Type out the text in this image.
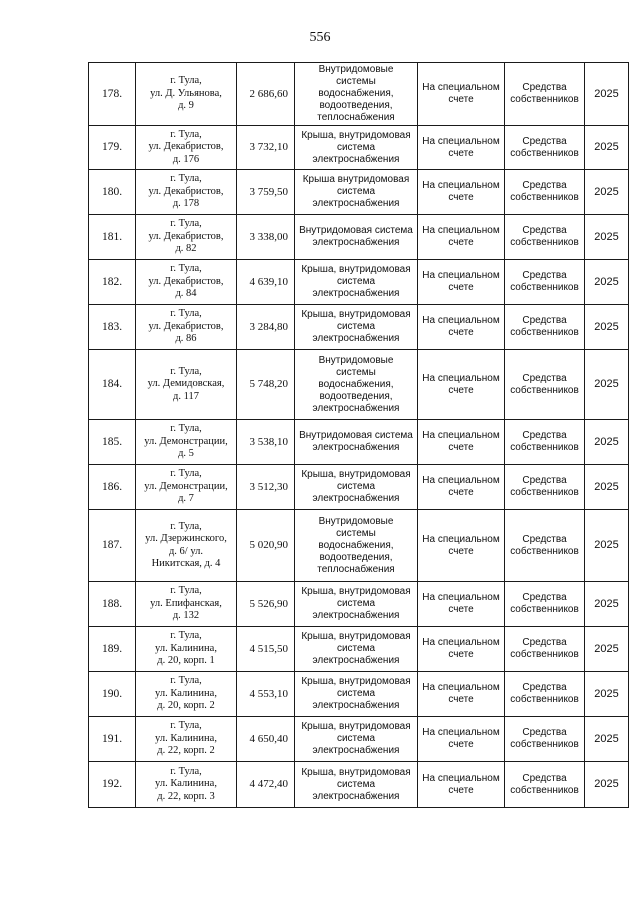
556
178.	г. Тула,
ул. Д. Ульянова,
д. 9	2 686,60	Внутридомовые
системы
водоснабжения,
водоотведения,
теплоснабжения	На специальном
счете	Средства
собственников	2025
179.	г. Тула,
ул. Декабристов,
д. 176	3 732,10	Крыша, внутридомовая
система
электроснабжения	На специальном
счете	Средства
собственников	2025
180.	г. Тула,
ул. Декабристов,
д. 178	3 759,50	Крыша внутридомовая
система
электроснабжения	На специальном
счете	Средства
собственников	2025
181.	г. Тула,
ул. Декабристов,
д. 82	3 338,00	Внутридомовая система
электроснабжения	На специальном
счете	Средства
собственников	2025
182.	г. Тула,
ул. Декабристов,
д. 84	4 639,10	Крыша, внутридомовая
система
электроснабжения	На специальном
счете	Средства
собственников	2025
183.	г. Тула,
ул. Декабристов,
д. 86	3 284,80	Крыша, внутридомовая
система
электроснабжения	На специальном
счете	Средства
собственников	2025
184.	г. Тула,
ул. Демидовская,
д. 117	5 748,20	Внутридомовые
системы
водоснабжения,
водоотведения,
электроснабжения	На специальном
счете	Средства
собственников	2025
185.	г. Тула,
ул. Демонстрации,
д. 5	3 538,10	Внутридомовая система
электроснабжения	На специальном
счете	Средства
собственников	2025
186.	г. Тула,
ул. Демонстрации,
д. 7	3 512,30	Крыша, внутридомовая
система
электроснабжения	На специальном
счете	Средства
собственников	2025
187.	г. Тула,
ул. Дзержинского,
д. 6/ ул.
Никитская, д. 4	5 020,90	Внутридомовые
системы
водоснабжения,
водоотведения,
теплоснабжения	На специальном
счете	Средства
собственников	2025
188.	г. Тула,
ул. Епифанская,
д. 132	5 526,90	Крыша, внутридомовая
система
электроснабжения	На специальном
счете	Средства
собственников	2025
189.	г. Тула,
ул. Калинина,
д. 20, корп. 1	4 515,50	Крыша, внутридомовая
система
электроснабжения	На специальном
счете	Средства
собственников	2025
190.	г. Тула,
ул. Калинина,
д. 20, корп. 2	4 553,10	Крыша, внутридомовая
система
электроснабжения	На специальном
счете	Средства
собственников	2025
191.	г. Тула,
ул. Калинина,
д. 22, корп. 2	4 650,40	Крыша, внутридомовая
система
электроснабжения	На специальном
счете	Средства
собственников	2025
192.	г. Тула,
ул. Калинина,
д. 22, корп. 3	4 472,40	Крыша, внутридомовая
система
электроснабжения	На специальном
счете	Средства
собственников	2025
